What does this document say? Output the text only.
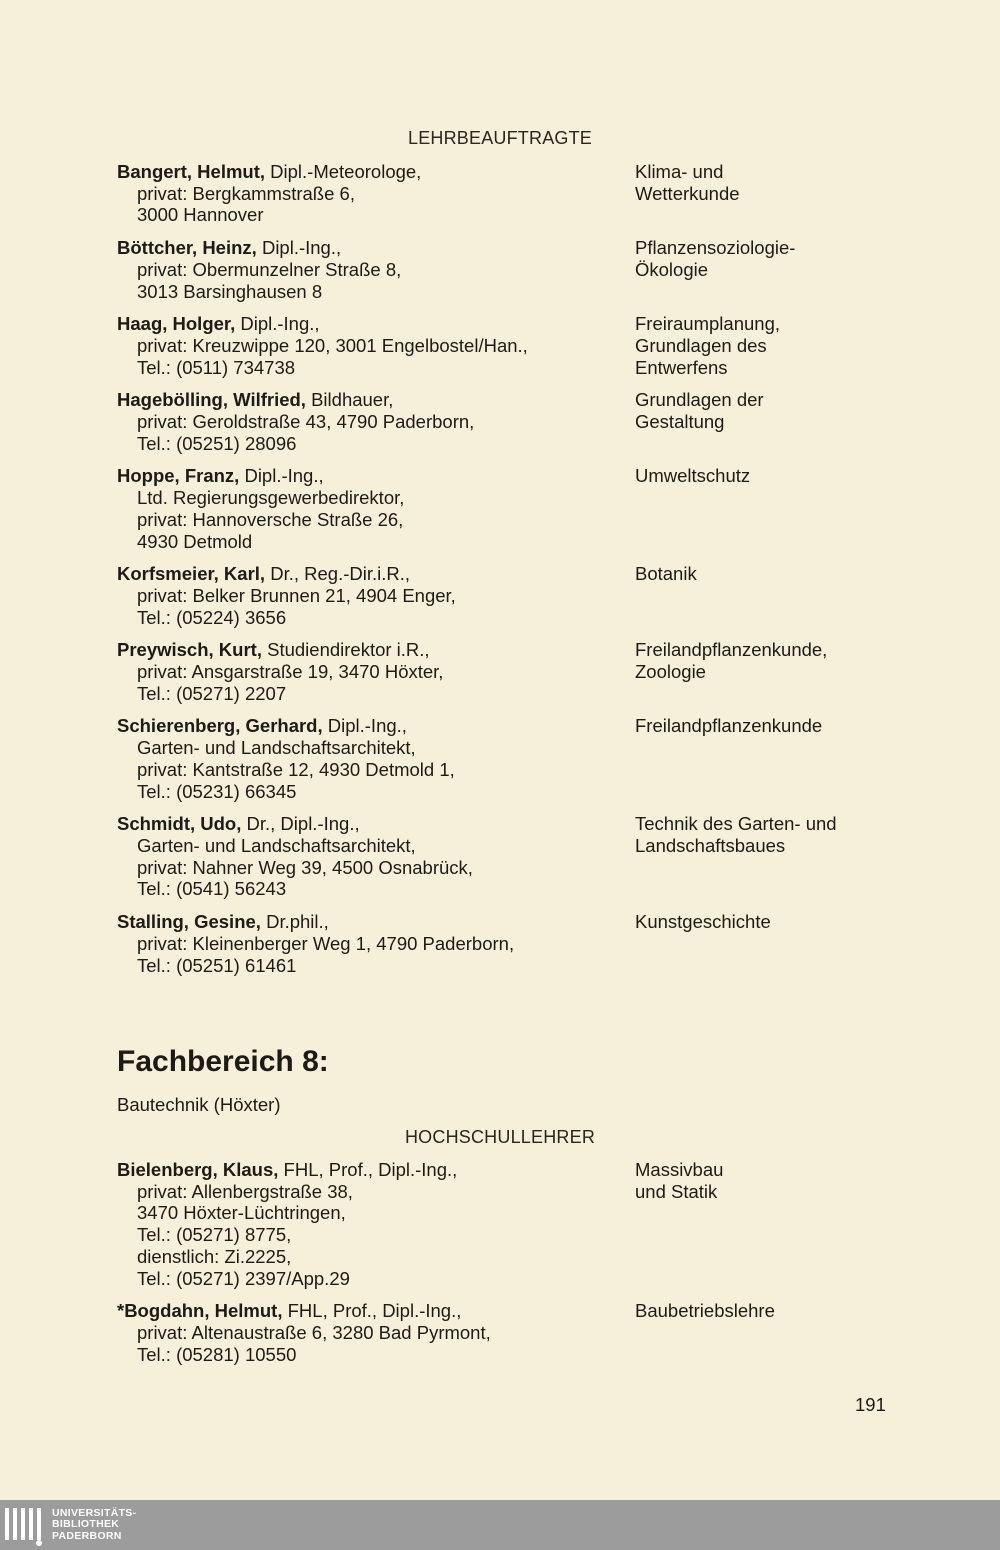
LEHRBEAUFTRAGTE
Bangert, Helmut, Dipl.-Meteorologe,
privat: Bergkammstraße 6,
3000 Hannover
Klima- und
Wetterkunde
Böttcher, Heinz, Dipl.-Ing.,
privat: Obermunzelner Straße 8,
3013 Barsinghausen 8
Pflanzensoziologie-
Ökologie
Haag, Holger, Dipl.-Ing.,
privat: Kreuzwippe 120, 3001 Engelbostel/Han.,
Tel.: (0511) 734738
Freiraumplanung,
Grundlagen des
Entwerfens
Hagebölling, Wilfried, Bildhauer,
privat: Geroldstraße 43, 4790 Paderborn,
Tel.: (05251) 28096
Grundlagen der
Gestaltung
Hoppe, Franz, Dipl.-Ing.,
Ltd. Regierungsgewerbedirektor,
privat: Hannoversche Straße 26,
4930 Detmold
Umweltschutz
Korfsmeier, Karl, Dr., Reg.-Dir.i.R.,
privat: Belker Brunnen 21, 4904 Enger,
Tel.: (05224) 3656
Botanik
Preywisch, Kurt, Studiendirektor i.R.,
privat: Ansgarstraße 19, 3470 Höxter,
Tel.: (05271) 2207
Freilandpflanzenkunde,
Zoologie
Schierenberg, Gerhard, Dipl.-Ing.,
Garten- und Landschaftsarchitekt,
privat: Kantstraße 12, 4930 Detmold 1,
Tel.: (05231) 66345
Freilandpflanzenkunde
Schmidt, Udo, Dr., Dipl.-Ing.,
Garten- und Landschaftsarchitekt,
privat: Nahner Weg 39, 4500 Osnabrück,
Tel.: (0541) 56243
Technik des Garten- und
Landschaftsbaues
Stalling, Gesine, Dr.phil.,
privat: Kleinenberger Weg 1, 4790 Paderborn,
Tel.: (05251) 61461
Kunstgeschichte
Fachbereich 8:
Bautechnik (Höxter)
HOCHSCHULLEHRER
Bielenberg, Klaus, FHL, Prof., Dipl.-Ing.,
privat: Allenbergstraße 38,
3470 Höxter-Lüchtringen,
Tel.: (05271) 8775,
dienstlich: Zi.2225,
Tel.: (05271) 2397/App.29
Massivbau
und Statik
*Bogdahn, Helmut, FHL, Prof., Dipl.-Ing.,
privat: Altenaustraße 6, 3280 Bad Pyrmont,
Tel.: (05281) 10550
Baubetriebslehre
191
UNIVERSITÄTS-
BIBLIOTHEK
PADERBORN
